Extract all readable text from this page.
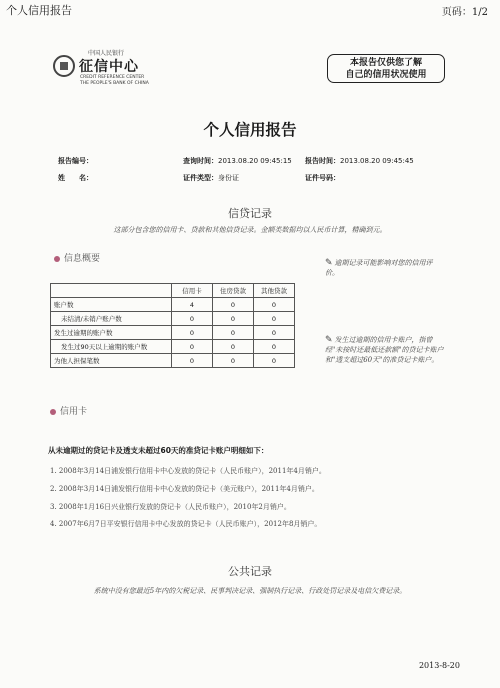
个人信用报告	页码：1/2
中国人民银行
征信中心
CREDIT REFERENCE CENTER
THE PEOPLE'S BANK OF CHINA
本报告仅供您了解
自己的信用状况使用
个人信用报告
报告编号：	查询时间：2013.08.20 09:45:15 报告时间：2013.08.20 09:45:45
姓　　名：	证件类型：身份证	证件号码：
信贷记录
这部分包含您的信用卡、贷款和其他信贷记录。金额类数据均以人民币计算，精确到元。
信息概要
	信用卡	住房贷款	其他贷款
账户数	4	0	0
未结清/未销户账户数	0	0	0
发生过逾期的账户数	0	0	0
发生过90天以上逾期的账户数	0	0	0
为他人担保笔数	0	0	0
✎ 逾期记录可能影响对您的信用评价。
✎ 发生过逾期的信用卡账户，指曾经"未按时还最低还款额"的贷记卡账户和"透支超过60天"的准贷记卡账户。
信用卡
从未逾期过的贷记卡及透支未超过60天的准贷记卡账户明细如下：
1. 2008年3月14日浦发银行信用卡中心发放的贷记卡（人民币账户），2011年4月销户。
2. 2008年3月14日浦发银行信用卡中心发放的贷记卡（美元账户），2011年4月销户。
3. 2008年1月16日兴业银行发放的贷记卡（人民币账户），2010年2月销户。
4. 2007年6月7日平安银行信用卡中心发放的贷记卡（人民币账户），2012年8月销户。
公共记录
系统中没有您最近5年内的欠税记录、民事判决记录、强制执行记录、行政处罚记录及电信欠费记录。
2013-8-20
